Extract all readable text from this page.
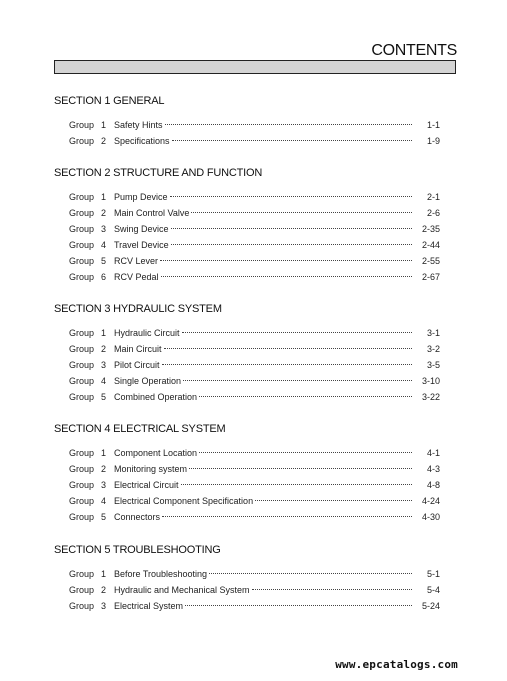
CONTENTS
SECTION 1 GENERAL
Group 1 Safety Hints	1-1
Group 2 Specifications	1-9
SECTION 2 STRUCTURE AND FUNCTION
Group 1 Pump Device	2-1
Group 2 Main Control Valve	2-6
Group 3 Swing Device	2-35
Group 4 Travel Device	2-44
Group 5 RCV Lever	2-55
Group 6 RCV Pedal	2-67
SECTION 3 HYDRAULIC SYSTEM
Group 1 Hydraulic Circuit	3-1
Group 2 Main Circuit	3-2
Group 3 Pilot Circuit	3-5
Group 4 Single Operation	3-10
Group 5 Combined Operation	3-22
SECTION 4 ELECTRICAL SYSTEM
Group 1 Component Location	4-1
Group 2 Monitoring system	4-3
Group 3 Electrical Circuit	4-8
Group 4 Electrical Component Specification	4-24
Group 5 Connectors	4-30
SECTION 5 TROUBLESHOOTING
Group 1 Before Troubleshooting	5-1
Group 2 Hydraulic and Mechanical System	5-4
Group 3 Electrical System	5-24
www.epcatalogs.com
